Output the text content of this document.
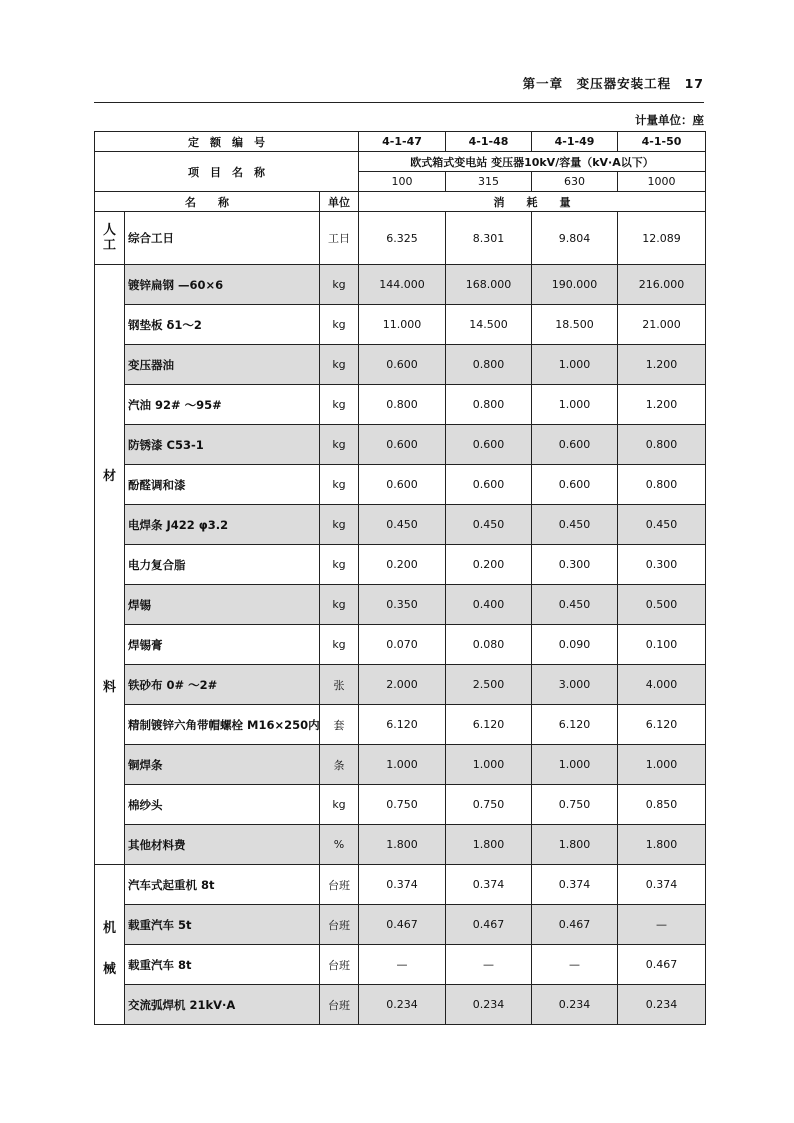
第一章　变压器安装工程　17
计量单位：座
定　额　编　号			4-1-47	4-1-48	4-1-49	4-1-50
项　目　名　称			欧式箱式变电站 变压器10kV/容量（kV·A以下）			
			100	315	630	1000
名　　称		单位	消　　耗　　量			
人工	综合工日	工日	6.325	8.301	9.804	12.089

材
料	镀锌扁钢 —60×6	kg	144.000	168.000	190.000	216.000
	钢垫板 δ1～2	kg	11.000	14.500	18.500	21.000
	变压器油	kg	0.600	0.800	1.000	1.200
	汽油 92# ～95#	kg	0.800	0.800	1.000	1.200
	防锈漆 C53-1	kg	0.600	0.600	0.600	0.800
	酚醛调和漆	kg	0.600	0.600	0.600	0.800
	电焊条 J422 φ3.2	kg	0.450	0.450	0.450	0.450
	电力复合脂	kg	0.200	0.200	0.300	0.300
	焊锡	kg	0.350	0.400	0.450	0.500
	焊锡膏	kg	0.070	0.080	0.090	0.100
	铁砂布 0# ～2#	张	2.000	2.500	3.000	4.000
	精制镀锌六角带帽螺栓 M16×250内	套	6.120	6.120	6.120	6.120
	铜焊条	条	1.000	1.000	1.000	1.000
	棉纱头	kg	0.750	0.750	0.750	0.850
	其他材料费	%	1.800	1.800	1.800	1.800

机
械	汽车式起重机 8t	台班	0.374	0.374	0.374	0.374
	载重汽车 5t	台班	0.467	0.467	0.467	—
	载重汽车 8t	台班	—	—	—	0.467
	交流弧焊机 21kV·A	台班	0.234	0.234	0.234	0.234
